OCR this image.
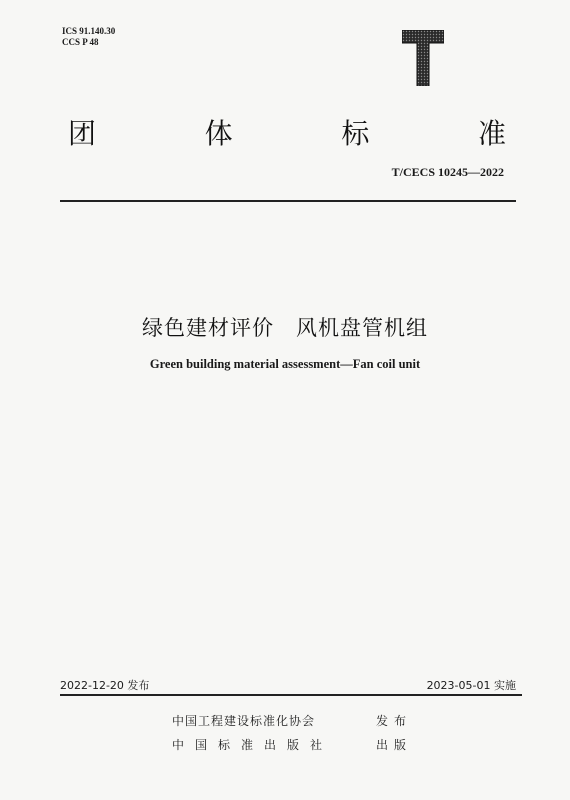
ICS 91.140.30
CCS P 48
团	体	标	准
T/CECS 10245—2022
绿色建材评价　风机盘管机组
Green building material assessment—Fan coil unit
2022-12-20 发布	2023-05-01 实施
中国工程建设标准化协会	发布
中国标准出版社	出版
